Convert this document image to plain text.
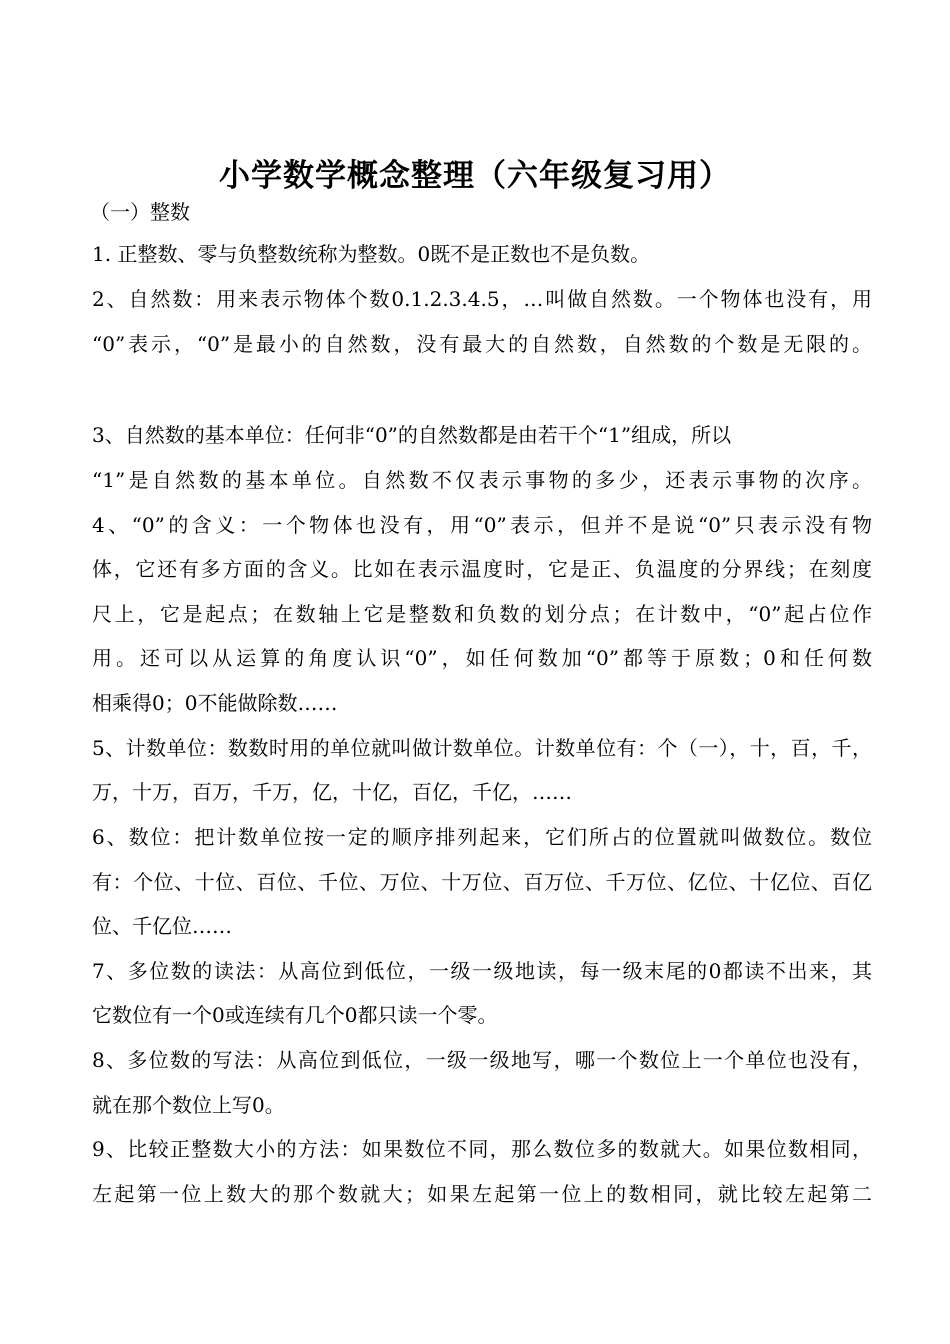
小学数学概念整理（六年级复习用）
（一）整数
1. 正整数、零与负整数统称为整数。0既不是正数也不是负数。
2、自然数：用来表示物体个数0.1.2.3.4.5，…叫做自然数。一个物体也没有，用
“0”表示，“0”是最小的自然数，没有最大的自然数，自然数的个数是无限的。
3、自然数的基本单位：任何非“0”的自然数都是由若干个“1”组成，所以
“1”是自然数的基本单位。自然数不仅表示事物的多少，还表示事物的次序。
4、“0”的含义：一个物体也没有，用“0”表示，但并不是说“0”只表示没有物
体，它还有多方面的含义。比如在表示温度时，它是正、负温度的分界线；在刻度
尺上，它是起点；在数轴上它是整数和负数的划分点；在计数中，“0”起占位作
用。还可以从运算的角度认识“0”，如任何数加“0”都等于原数；0和任何数
相乘得0；0不能做除数……
5、计数单位：数数时用的单位就叫做计数单位。计数单位有：个（一），十，百，千，
万，十万，百万，千万，亿，十亿，百亿，千亿，……
6、数位：把计数单位按一定的顺序排列起来，它们所占的位置就叫做数位。数位
有：个位、十位、百位、千位、万位、十万位、百万位、千万位、亿位、十亿位、百亿
位、千亿位……
7、多位数的读法：从高位到低位，一级一级地读，每一级末尾的0都读不出来，其
它数位有一个0或连续有几个0都只读一个零。
8、多位数的写法：从高位到低位，一级一级地写，哪一个数位上一个单位也没有，
就在那个数位上写0。
9、比较正整数大小的方法：如果数位不同，那么数位多的数就大。如果位数相同，
左起第一位上数大的那个数就大；如果左起第一位上的数相同，就比较左起第二
